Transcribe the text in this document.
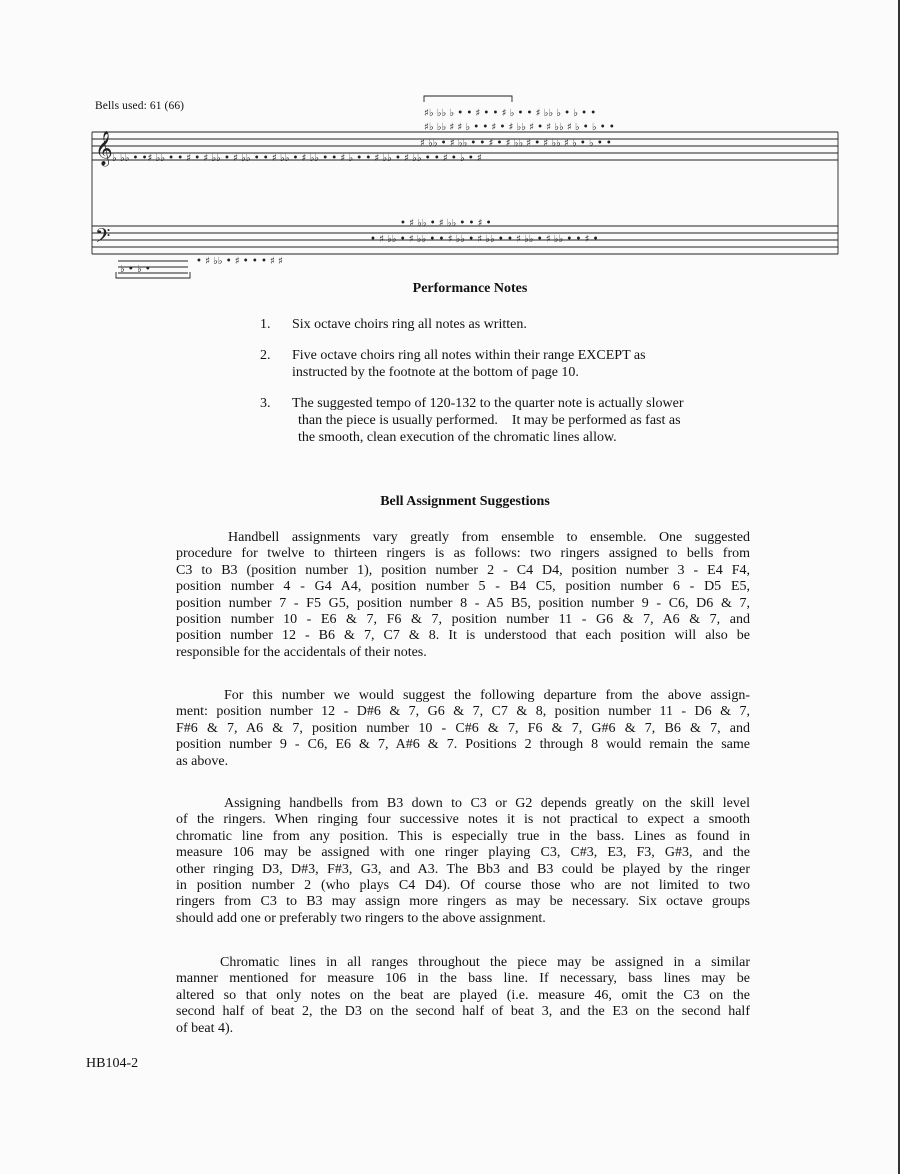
Bells used: 61 (66)
𝄞
𝄢
♭ ♭♭ • •♯ ♭♭ • • ♯ • ♯ ♭♭ • ♯ ♭♭ • • ♯ ♭♭ • ♯ ♭♭ • • ♯ ♭ • • ♯ ♭♭ • ♯ ♭♭ • • ♯ • ♭ • ♯
♯♭ ♭♭ ♭ • • ♯ • • ♯ ♭ • • ♯ ♭♭ ♭ • ♭ • •
♯♭ ♭♭ ♯ ♯ ♭ • • ♯ • ♯ ♭♭ ♯ • ♯ ♭♭ ♯ ♭ • ♭ • •
♯ ♭♭ • ♯ ♭♭ • • ♯ • ♯ ♭♭ ♯ • ♯ ♭♭ ♯ ♭ • ♭ • •
• ♯ ♭♭ • ♯ ♭♭ • • ♯ •
• ♯ ♭♭ • ♯ ♭♭ • • ♯ ♭♭ • ♯ ♭♭ • • ♯ ♭♭ • ♯ ♭♭ • • ♯ •
• ♯ ♭♭ • ♯ • • • ♯ ♯
♭ • ♭ •
Performance Notes
1. Six octave choirs ring all notes as written.
2. Five octave choirs ring all notes within their range EXCEPT as
instructed by the footnote at the bottom of page 10.
3. The suggested tempo of 120-132 to the quarter note is actually slower
than the piece is usually performed.    It may be performed as fast as
the smooth, clean execution of the chromatic lines allow.
Bell Assignment Suggestions
Handbell assignments vary greatly from ensemble to ensemble. One suggested
procedure for twelve to thirteen ringers is as follows: two ringers assigned to bells from
C3 to B3 (position number 1), position number 2 - C4 D4, position number 3 - E4 F4,
position number 4 - G4 A4, position number 5 - B4 C5, position number 6 - D5 E5,
position number 7 - F5 G5, position number 8 - A5 B5, position number 9 - C6, D6 & 7,
position number 10 - E6 & 7, F6 & 7, position number 11 - G6 & 7, A6 & 7, and
position number 12 - B6 & 7, C7 & 8. It is understood that each position will also be
responsible for the accidentals of their notes.
For this number we would suggest the following departure from the above assign-
ment: position number 12 - D#6 & 7, G6 & 7, C7 & 8, position number 11 - D6 & 7,
F#6 & 7, A6 & 7, position number 10 - C#6 & 7, F6 & 7, G#6 & 7, B6 & 7, and
position number 9 - C6, E6 & 7, A#6 & 7. Positions 2 through 8 would remain the same
as above.
Assigning handbells from B3 down to C3 or G2 depends greatly on the skill level
of the ringers. When ringing four successive notes it is not practical to expect a smooth
chromatic line from any position. This is especially true in the bass. Lines as found in
measure 106 may be assigned with one ringer playing C3, C#3, E3, F3, G#3, and the
other ringing D3, D#3, F#3, G3, and A3. The Bb3 and B3 could be played by the ringer
in position number 2 (who plays C4 D4). Of course those who are not limited to two
ringers from C3 to B3 may assign more ringers as may be necessary. Six octave groups
should add one or preferably two ringers to the above assignment.
Chromatic lines in all ranges throughout the piece may be assigned in a similar
manner mentioned for measure 106 in the bass line. If necessary, bass lines may be
altered so that only notes on the beat are played (i.e. measure 46, omit the C3 on the
second half of beat 2, the D3 on the second half of beat 3, and the E3 on the second half
of beat 4).
HB104-2
